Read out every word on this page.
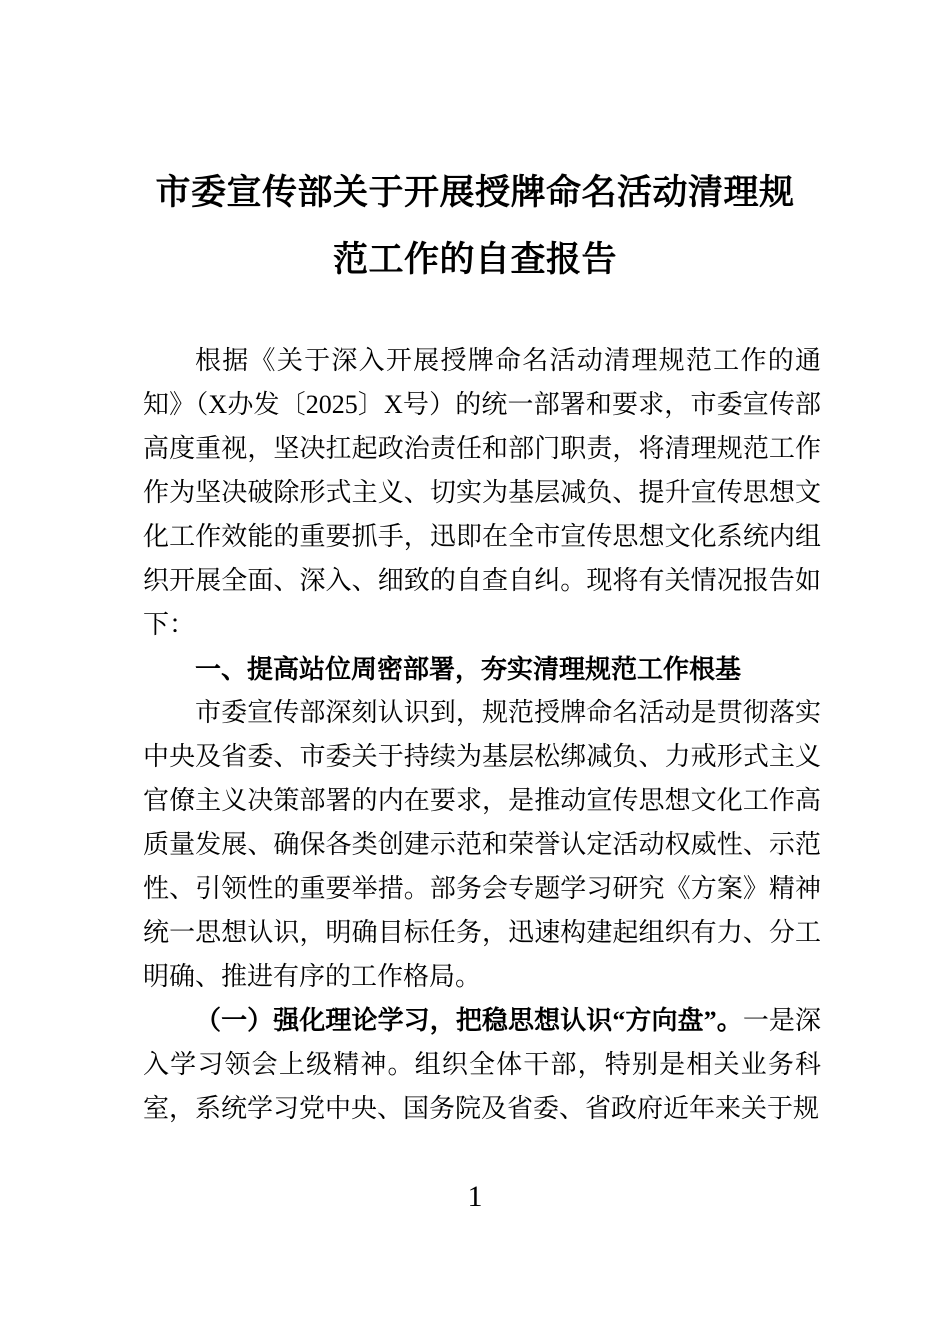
市委宣传部关于开展授牌命名活动清理规
范工作的自查报告

根据《关于深入开展授牌命名活动清理规范工作的通知》（X办发〔2025〕X号）的统一部署和要求，市委宣传部高度重视，坚决扛起政治责任和部门职责，将清理规范工作作为坚决破除形式主义、切实为基层减负、提升宣传思想文化工作效能的重要抓手，迅即在全市宣传思想文化系统内组织开展全面、深入、细致的自查自纠。现将有关情况报告如下：

一、提高站位周密部署，夯实清理规范工作根基

市委宣传部深刻认识到，规范授牌命名活动是贯彻落实中央及省委、市委关于持续为基层松绑减负、力戒形式主义官僚主义决策部署的内在要求，是推动宣传思想文化工作高质量发展、确保各类创建示范和荣誉认定活动权威性、示范性、引领性的重要举措。部务会专题学习研究《方案》精神统一思想认识，明确目标任务，迅速构建起组织有力、分工明确、推进有序的工作格局。

（一）强化理论学习，把稳思想认识“方向盘”。一是深入学习领会上级精神。组织全体干部，特别是相关业务科室，系统学习党中央、国务院及省委、省政府近年来关于规

1
